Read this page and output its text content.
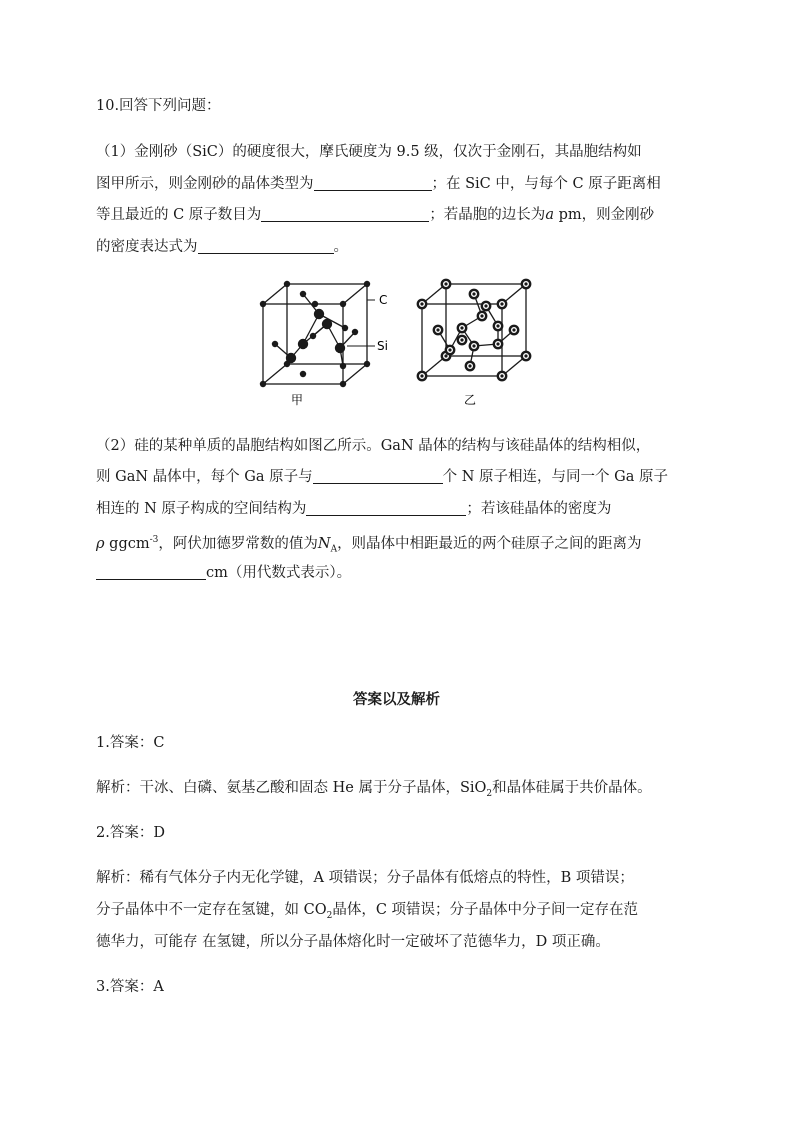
10.回答下列问题：
（1）金刚砂（SiC）的硬度很大，摩氏硬度为 9.5 级，仅次于金刚石，其晶胞结构如
图甲所示，则金刚砂的晶体类型为	；在 SiC 中，与每个 C 原子距离相
等且最近的 C 原子数目为	；若晶胞的边长为a pm，则金刚砂
的密度表达式为	。
C
Si
甲	乙
（2）硅的某种单质的晶胞结构如图乙所示。GaN 晶体的结构与该硅晶体的结构相似，
则 GaN 晶体中，每个 Ga 原子与	个 N 原子相连，与同一个 Ga 原子
相连的 N 原子构成的空间结构为	；若该硅晶体的密度为
ρ ggcm$^{-3}$，阿伏加德罗常数的值为$N_A$，则晶体中相距最近的两个硅原子之间的距离为
cm（用代数式表示）。
答案以及解析
1.答案：C
解析：干冰、白磷、氨基乙酸和固态 He 属于分子晶体，SiO$_2$和晶体硅属于共价晶体。
2.答案：D
解析：稀有气体分子内无化学键，A 项错误；分子晶体有低熔点的特性，B 项错误；
分子晶体中不一定存在氢键，如 $CO_2$晶体，C 项错误；分子晶体中分子间一定存在范
德华力，可能存 在氢键，所以分子晶体熔化时一定破坏了范德华力，D 项正确。
3.答案：A
